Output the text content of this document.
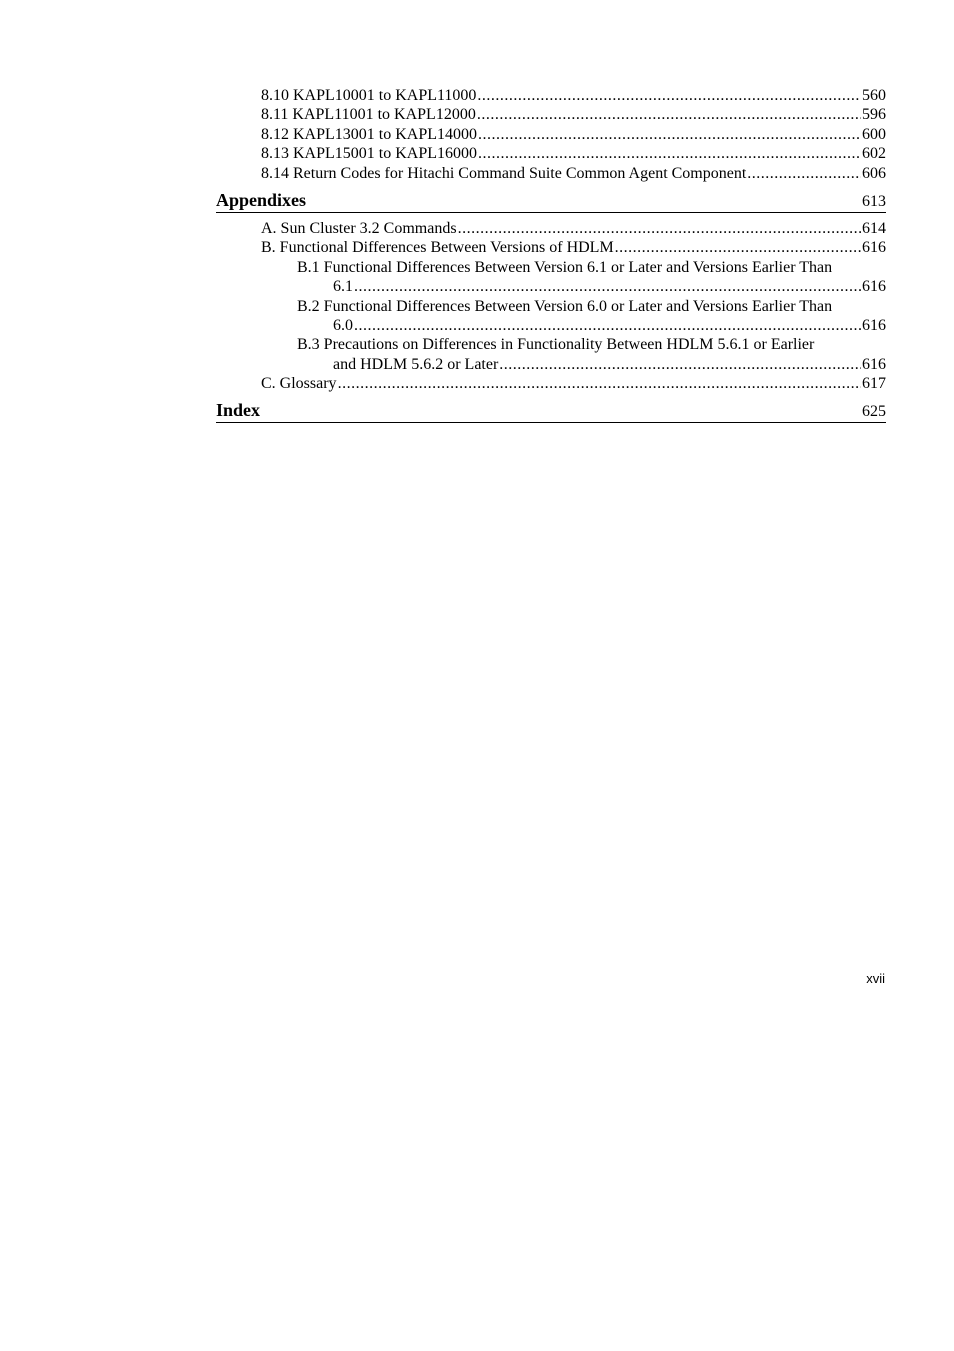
8.10 KAPL10001 to KAPL11000 .....	560
8.11 KAPL11001 to KAPL12000 .....	596
8.12 KAPL13001 to KAPL14000 .....	600
8.13 KAPL15001 to KAPL16000 .....	602
8.14 Return Codes for Hitachi Command Suite Common Agent Component .....	606
Appendixes	613
A. Sun Cluster 3.2 Commands .....	614
B. Functional Differences Between Versions of HDLM .....	616
B.1 Functional Differences Between Version 6.1 or Later and Versions Earlier Than
6.1 .....	616
B.2 Functional Differences Between Version 6.0 or Later and Versions Earlier Than
6.0 .....	616
B.3 Precautions on Differences in Functionality Between HDLM 5.6.1 or Earlier
and HDLM 5.6.2 or Later .....	616
C. Glossary .....	617
Index	625
xvii
